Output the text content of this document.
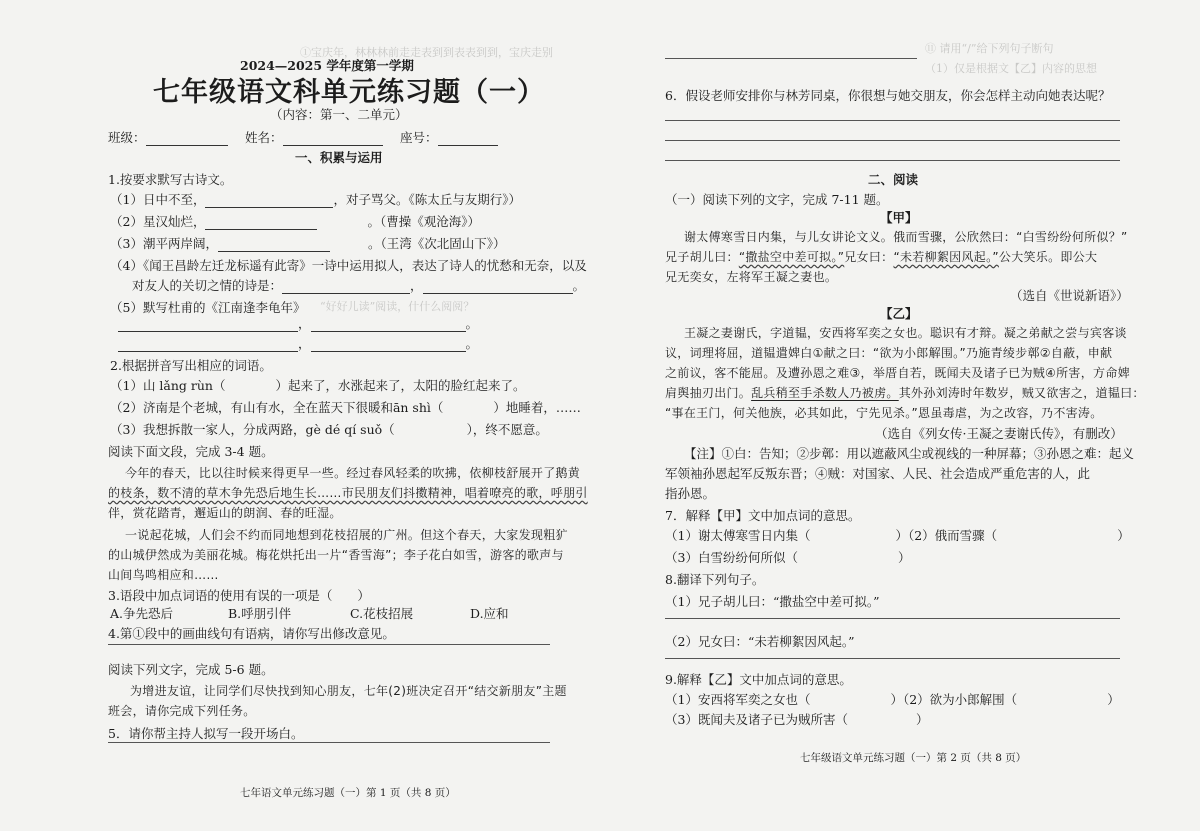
①宝庆年，林林林前走走表到到表表到到，宝庆走别
2024—2025 学年度第一学期
七年级语文科单元练习题（一）
（内容：第一、二单元）
班级：	姓名：	座号：
一、积累与运用
1.按要求默写古诗文。
（1）日中不至，	，对子骂父。《陈太丘与友期行》）
（2）星汉灿烂，	。（曹操《观沧海》）
（3）潮平两岸阔，	。（王湾《次北固山下》）
（4）《闻王昌龄左迁龙标遥有此寄》一诗中运用拟人，表达了诗人的忧愁和无奈，以及
对友人的关切之情的诗是：	，	。
（5）默写杜甫的《江南逢李龟年》 “好好儿读”阅读，什什么阅阅？
，	。
，	。
2.根据拼音写出相应的词语。
（1）山 lǎng rùn（	）起来了，水涨起来了，太阳的脸红起来了。
（2）济南是个老城，有山有水，全在蓝天下很暖和ān shì（	）地睡着，……
（3）我想拆散一家人，分成两路，gè dé qí suǒ（	），终不愿意。
阅读下面文段，完成 3-4 题。
今年的春天，比以往时候来得更早一些。经过春风轻柔的吹拂，依柳枝舒展开了鹅黄
的枝条，数不清的草木争先恐后地生长……市民朋友们抖擞精神，唱着嘹亮的歌，呼朋引
伴，赏花踏青，邂逅山的朗润、春的旺湿。
一说起花城，人们会不约而同地想到花枝招展的广州。但这个春天，大家发现粗犷
的山城伊然成为美丽花城。梅花烘托出一片“香雪海”；李子花白如雪，游客的歌声与
山间鸟鸣相应和……
3.语段中加点词语的使用有误的一项是（　　）
A.争先恐后	B.呼朋引伴	C.花枝招展	D.应和
4.第①段中的画曲线句有语病，请你写出修改意见。
阅读下列文字，完成 5-6 题。
为增进友谊，让同学们尽快找到知心朋友，七年(2)班决定召开“结交新朋友”主题
班会，请你完成下列任务。
5．请你帮主持人拟写一段开场白。
七年语文单元练习题（一）第 1 页（共 8 页）
⑪ 请用“/”给下列句子断句
（1）仅是根据文【乙】内容的思想
6．假设老师安排你与林芳同桌，你很想与她交朋友，你会怎样主动向她表达呢？
二、阅读
（一）阅读下列的文字，完成 7-11 题。
【甲】
谢太傅寒雪日内集，与儿女讲论文义。俄而雪骤，公欣然曰：“白雪纷纷何所似？”
兄子胡儿曰：“撒盐空中差可拟。”兄女曰：“未若柳絮因风起。”公大笑乐。即公大
兄无奕女，左将军王凝之妻也。
（选自《世说新语》）
【乙】
王凝之妻谢氏，字道韫，安西将军奕之女也。聪识有才辩。凝之弟献之尝与宾客谈
议，词理将屈，道韫遣婢白①献之曰：“欲为小郎解围。”乃施青绫步鄣②自蔽，申献
之前议，客不能屈。及遭孙恩之难③，举厝自若，既闻夫及诸子已为贼④所害，方命婢
肩舆抽刃出门。乱兵稍至手杀数人乃被虏。其外孙刘涛时年数岁，贼又欲害之，道韫曰：
“事在王门，何关他族，必其如此，宁先见杀。”恩虽毒虐，为之改容，乃不害涛。
（选自《列女传·王凝之妻谢氏传》，有删改）
【注】①白：告知；②步鄣：用以遮蔽风尘或视线的一种屏幕；③孙恩之难：起义
军领袖孙恩起军反叛东晋；④贼：对国家、人民、社会造成严重危害的人，此
指孙恩。
7．解释【甲】文中加点词的意思。
（1）谢太傅寒雪日内集（	）（2）俄而雪骤（	）
（3）白雪纷纷何所似（	）
8.翻译下列句子。
（1）兄子胡儿曰：“撒盐空中差可拟。”
（2）兄女曰：“未若柳絮因风起。”
9.解释【乙】文中加点词的意思。
（1）安西将军奕之女也（	）（2）欲为小郎解围（	）
（3）既闻夫及诸子已为贼所害（	）
七年级语文单元练习题（一）第 2 页（共 8 页）
